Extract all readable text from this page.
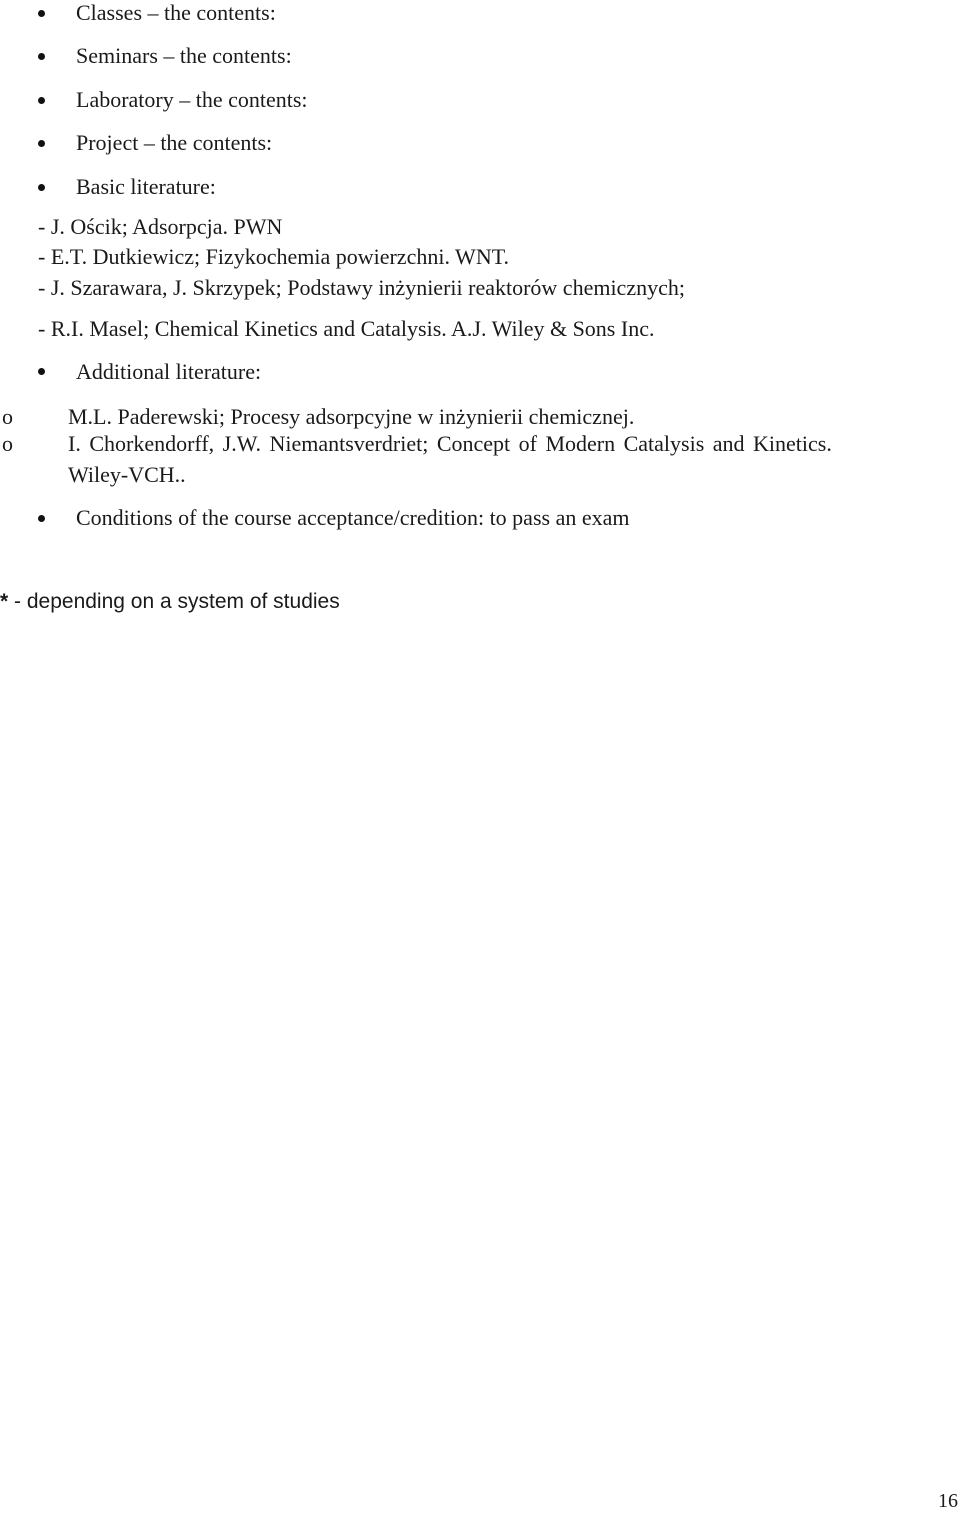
Classes – the contents:
Seminars – the contents:
Laboratory – the contents:
Project – the contents:
Basic literature:
- J. Ościk; Adsorpcja. PWN
- E.T. Dutkiewicz; Fizykochemia powierzchni. WNT.
- J. Szarawara, J. Skrzypek; Podstawy inżynierii reaktorów chemicznych;
- R.I. Masel; Chemical Kinetics and Catalysis. A.J. Wiley & Sons Inc.
Additional literature:
o	M.L. Paderewski; Procesy adsorpcyjne w inżynierii chemicznej.
o	I. Chorkendorff, J.W. Niemantsverdriet; Concept of Modern Catalysis and Kinetics.
Wiley-VCH..
Conditions of the course acceptance/credition: to pass an exam
* - depending on a system of studies
16
